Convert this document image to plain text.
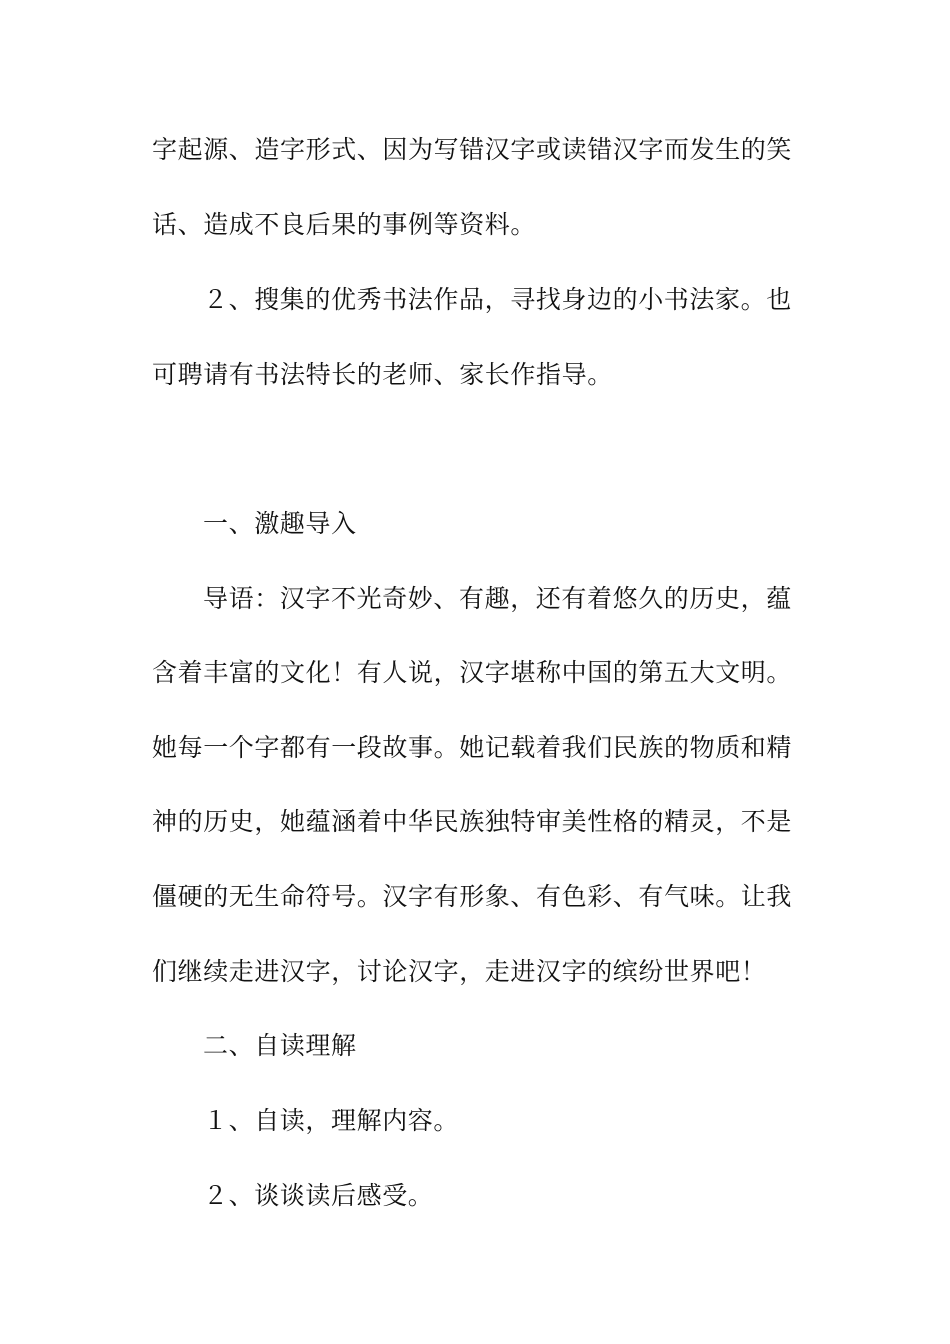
字起源、造字形式、因为写错汉字或读错汉字而发生的笑
话、造成不良后果的事例等资料。
２、搜集的优秀书法作品，寻找身边的小书法家。也
可聘请有书法特长的老师、家长作指导。
一、激趣导入
导语：汉字不光奇妙、有趣，还有着悠久的历史，蕴
含着丰富的文化！有人说，汉字堪称中国的第五大文明。
她每一个字都有一段故事。她记载着我们民族的物质和精
神的历史，她蕴涵着中华民族独特审美性格的精灵，不是
僵硬的无生命符号。汉字有形象、有色彩、有气味。让我
们继续走进汉字，讨论汉字，走进汉字的缤纷世界吧！
二、自读理解
１、自读，理解内容。
２、谈谈读后感受。
